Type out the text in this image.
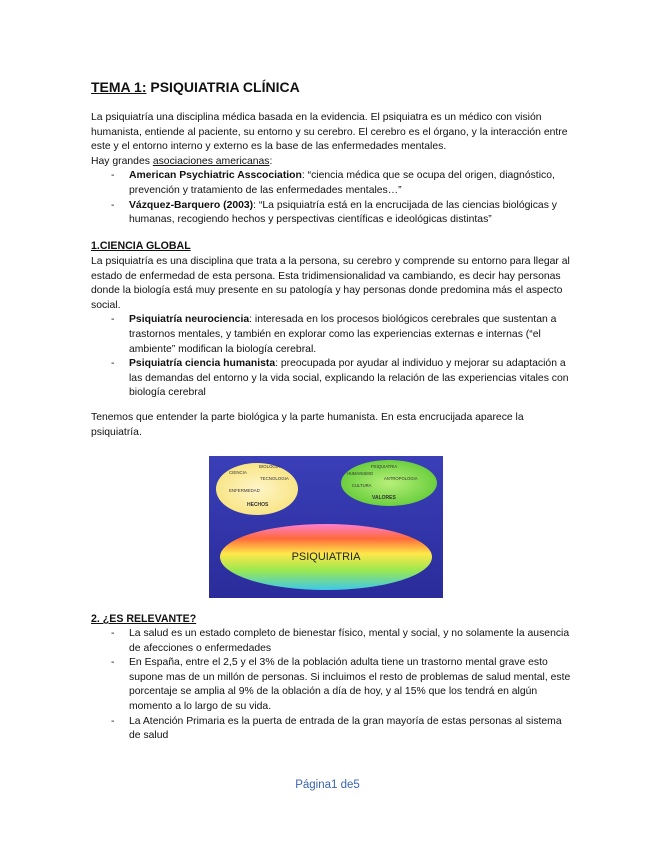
TEMA 1: PSIQUIATRIA CLÍNICA

La psiquiatría una disciplina médica basada en la evidencia. El psiquiatra es un médico con visión humanista, entiende al paciente, su entorno y su cerebro. El cerebro es el órgano, y la interacción entre este y el entorno interno y externo es la base de las enfermedades mentales.

Hay grandes asociaciones americanas:

- American Psychiatric Asscociation: “ciencia médica que se ocupa del origen, diagnóstico, prevención y tratamiento de las enfermedades mentales…”
- Vázquez-Barquero (2003): “La psiquiatría está en la encrucijada de las ciencias biológicas y humanas, recogiendo hechos y perspectivas científicas e ideológicas distintas”
1.CIENCIA GLOBAL

La psiquiatría es una disciplina que trata a la persona, su cerebro y comprende su entorno para llegar al estado de enfermedad de esta persona. Esta tridimensionalidad va cambiando, es decir hay personas donde la biología está muy presente en su patología y hay personas donde predomina más el aspecto social.

- Psiquiatría neurociencia: interesada en los procesos biológicos cerebrales que sustentan a trastornos mentales, y también en explorar como las experiencias externas e internas (“el ambiente” modifican la biología cerebral.
- Psiquiatría ciencia humanista: preocupada por ayudar al individuo y mejorar su adaptación a las demandas del entorno y la vida social, explicando la relación de las experiencias vitales con biología cerebral

Tenemos que entender la parte biológica y la parte humanista. En esta encrucijada aparece la psiquiatría.

CIENCIA
BIOLOGIA
TECNOLOGIA
ENFERMEDAD
HECHOS
PSIQUIATRIA
HUMANISMO
ANTROPOLOGIA
CULTURA
VALORES
PSIQUIATRIA
2. ¿ES RELEVANTE?
- La salud es un estado completo de bienestar físico, mental y social, y no solamente la ausencia de afecciones o enfermedades
- En España, entre el 2,5 y el 3% de la población adulta tiene un trastorno mental grave esto supone mas de un millón de personas. Si incluimos el resto de problemas de salud mental, este porcentaje se amplia al 9% de la oblación a día de hoy, y al 15% que los tendrá en algún momento a lo largo de su vida.
- La Atención Primaria es la puerta de entrada de la gran mayoría de estas personas al sistema de salud
Página1 de5
